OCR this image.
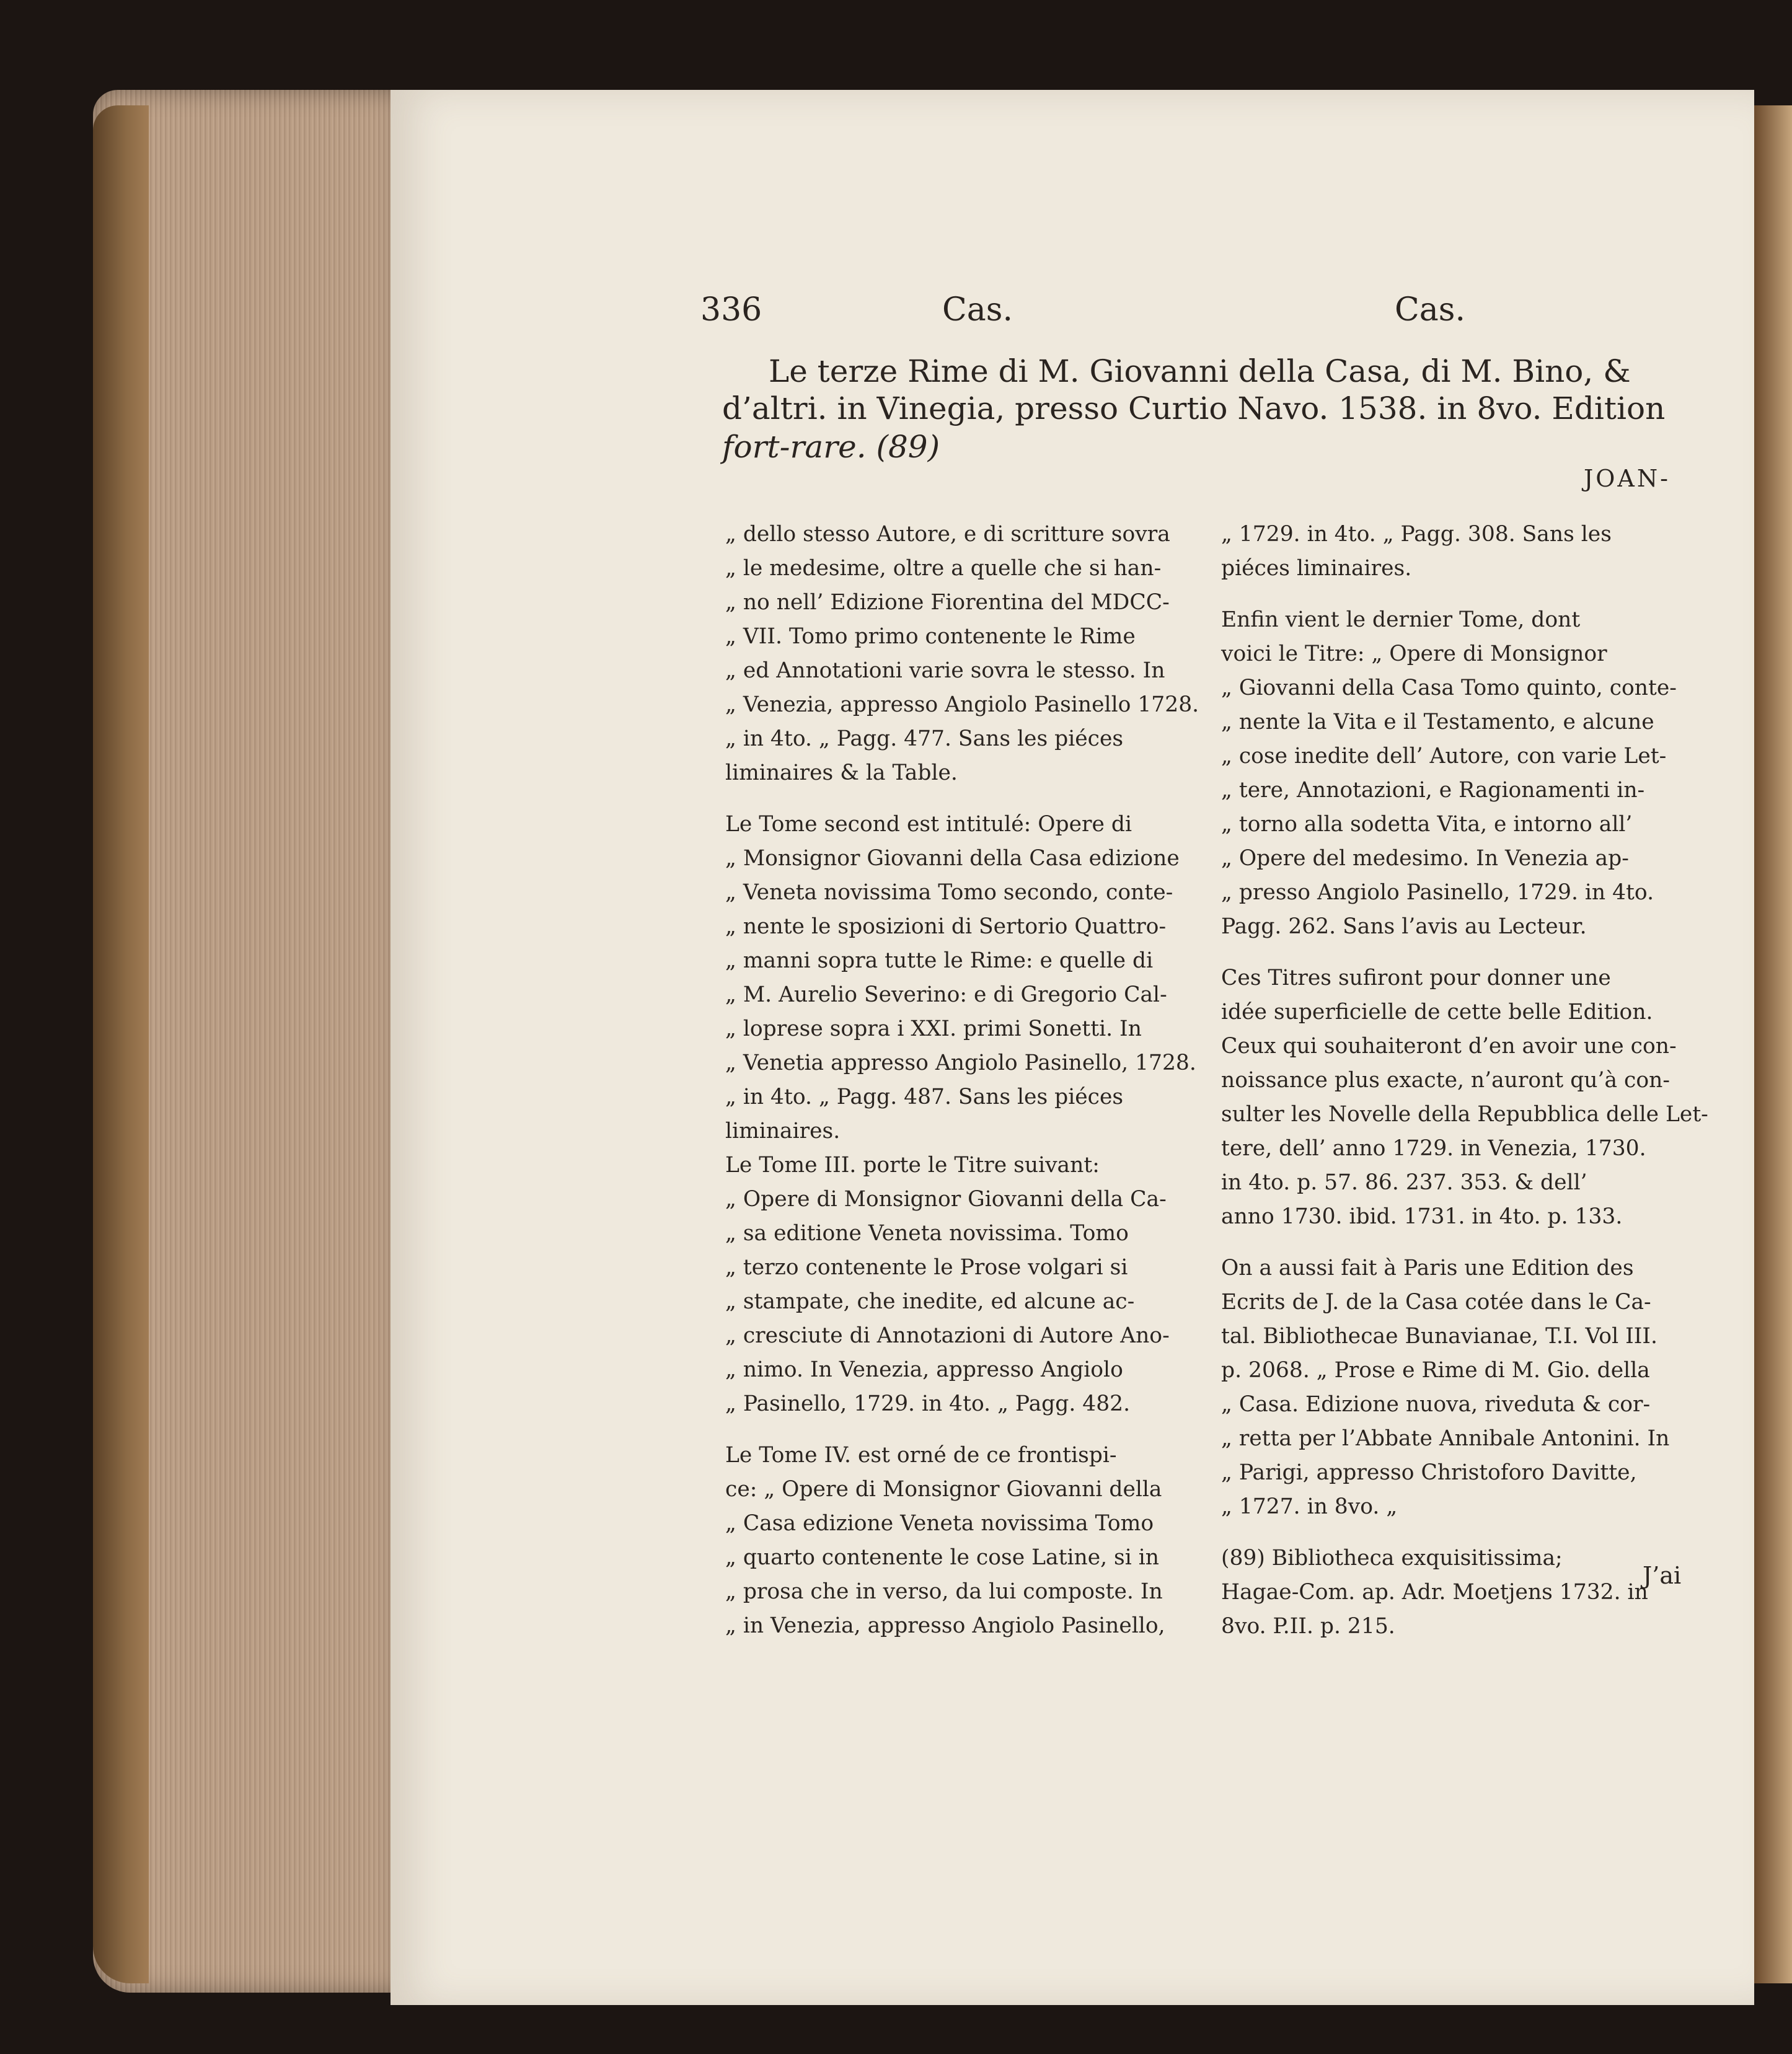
336	Cas.	Cas.
Le terze Rime di M. Giovanni della Casa, di M. Bino, &
d’altri. in Vinegia, presso Curtio Navo. 1538. in 8vo. Edition
fort-rare. (89)
JOAN-
„ dello stesso Autore, e di scritture sovra
„ le medesime, oltre a quelle che si han-
„ no nell’ Edizione Fiorentina del MDCC-
„ VII. Tomo primo contenente le Rime
„ ed Annotationi varie sovra le stesso. In
„ Venezia, appresso Angiolo Pasinello 1728.
„ in 4to. „ Pagg. 477. Sans les piéces
liminaires & la Table.
Le Tome second est intitulé: Opere di
„ Monsignor Giovanni della Casa edizione
„ Veneta novissima Tomo secondo, conte-
„ nente le sposizioni di Sertorio Quattro-
„ manni sopra tutte le Rime: e quelle di
„ M. Aurelio Severino: e di Gregorio Cal-
„ loprese sopra i XXI. primi Sonetti. In
„ Venetia appresso Angiolo Pasinello, 1728.
„ in 4to. „ Pagg. 487. Sans les piéces
liminaires.
Le Tome III. porte le Titre suivant:
„ Opere di Monsignor Giovanni della Ca-
„ sa editione Veneta novissima. Tomo
„ terzo contenente le Prose volgari si
„ stampate, che inedite, ed alcune ac-
„ cresciute di Annotazioni di Autore Ano-
„ nimo. In Venezia, appresso Angiolo
„ Pasinello, 1729. in 4to. „ Pagg. 482.
Le Tome IV. est orné de ce frontispi-
ce: „ Opere di Monsignor Giovanni della
„ Casa edizione Veneta novissima Tomo
„ quarto contenente le cose Latine, si in
„ prosa che in verso, da lui composte. In
„ in Venezia, appresso Angiolo Pasinello,
„ 1729. in 4to. „ Pagg. 308. Sans les
piéces liminaires.
Enfin vient le dernier Tome, dont
voici le Titre: „ Opere di Monsignor
„ Giovanni della Casa Tomo quinto, conte-
„ nente la Vita e il Testamento, e alcune
„ cose inedite dell’ Autore, con varie Let-
„ tere, Annotazioni, e Ragionamenti in-
„ torno alla sodetta Vita, e intorno all’
„ Opere del medesimo. In Venezia ap-
„ presso Angiolo Pasinello, 1729. in 4to.
Pagg. 262. Sans l’avis au Lecteur.
Ces Titres sufiront pour donner une
idée superficielle de cette belle Edition.
Ceux qui souhaiteront d’en avoir une con-
noissance plus exacte, n’auront qu’à con-
sulter les Novelle della Repubblica delle Let-
tere, dell’ anno 1729. in Venezia, 1730.
in 4to. p. 57. 86. 237. 353. & dell’
anno 1730. ibid. 1731. in 4to. p. 133.
On a aussi fait à Paris une Edition des
Ecrits de J. de la Casa cotée dans le Ca-
tal. Bibliothecae Bunavianae, T.I. Vol III.
p. 2068. „ Prose e Rime di M. Gio. della
„ Casa. Edizione nuova, riveduta & cor-
„ retta per l’Abbate Annibale Antonini. In
„ Parigi, appresso Christoforo Davitte,
„ 1727. in 8vo. „
(89) Bibliotheca exquisitissima;
Hagae-Com. ap. Adr. Moetjens 1732. in
8vo. P.II. p. 215.
J’ai
